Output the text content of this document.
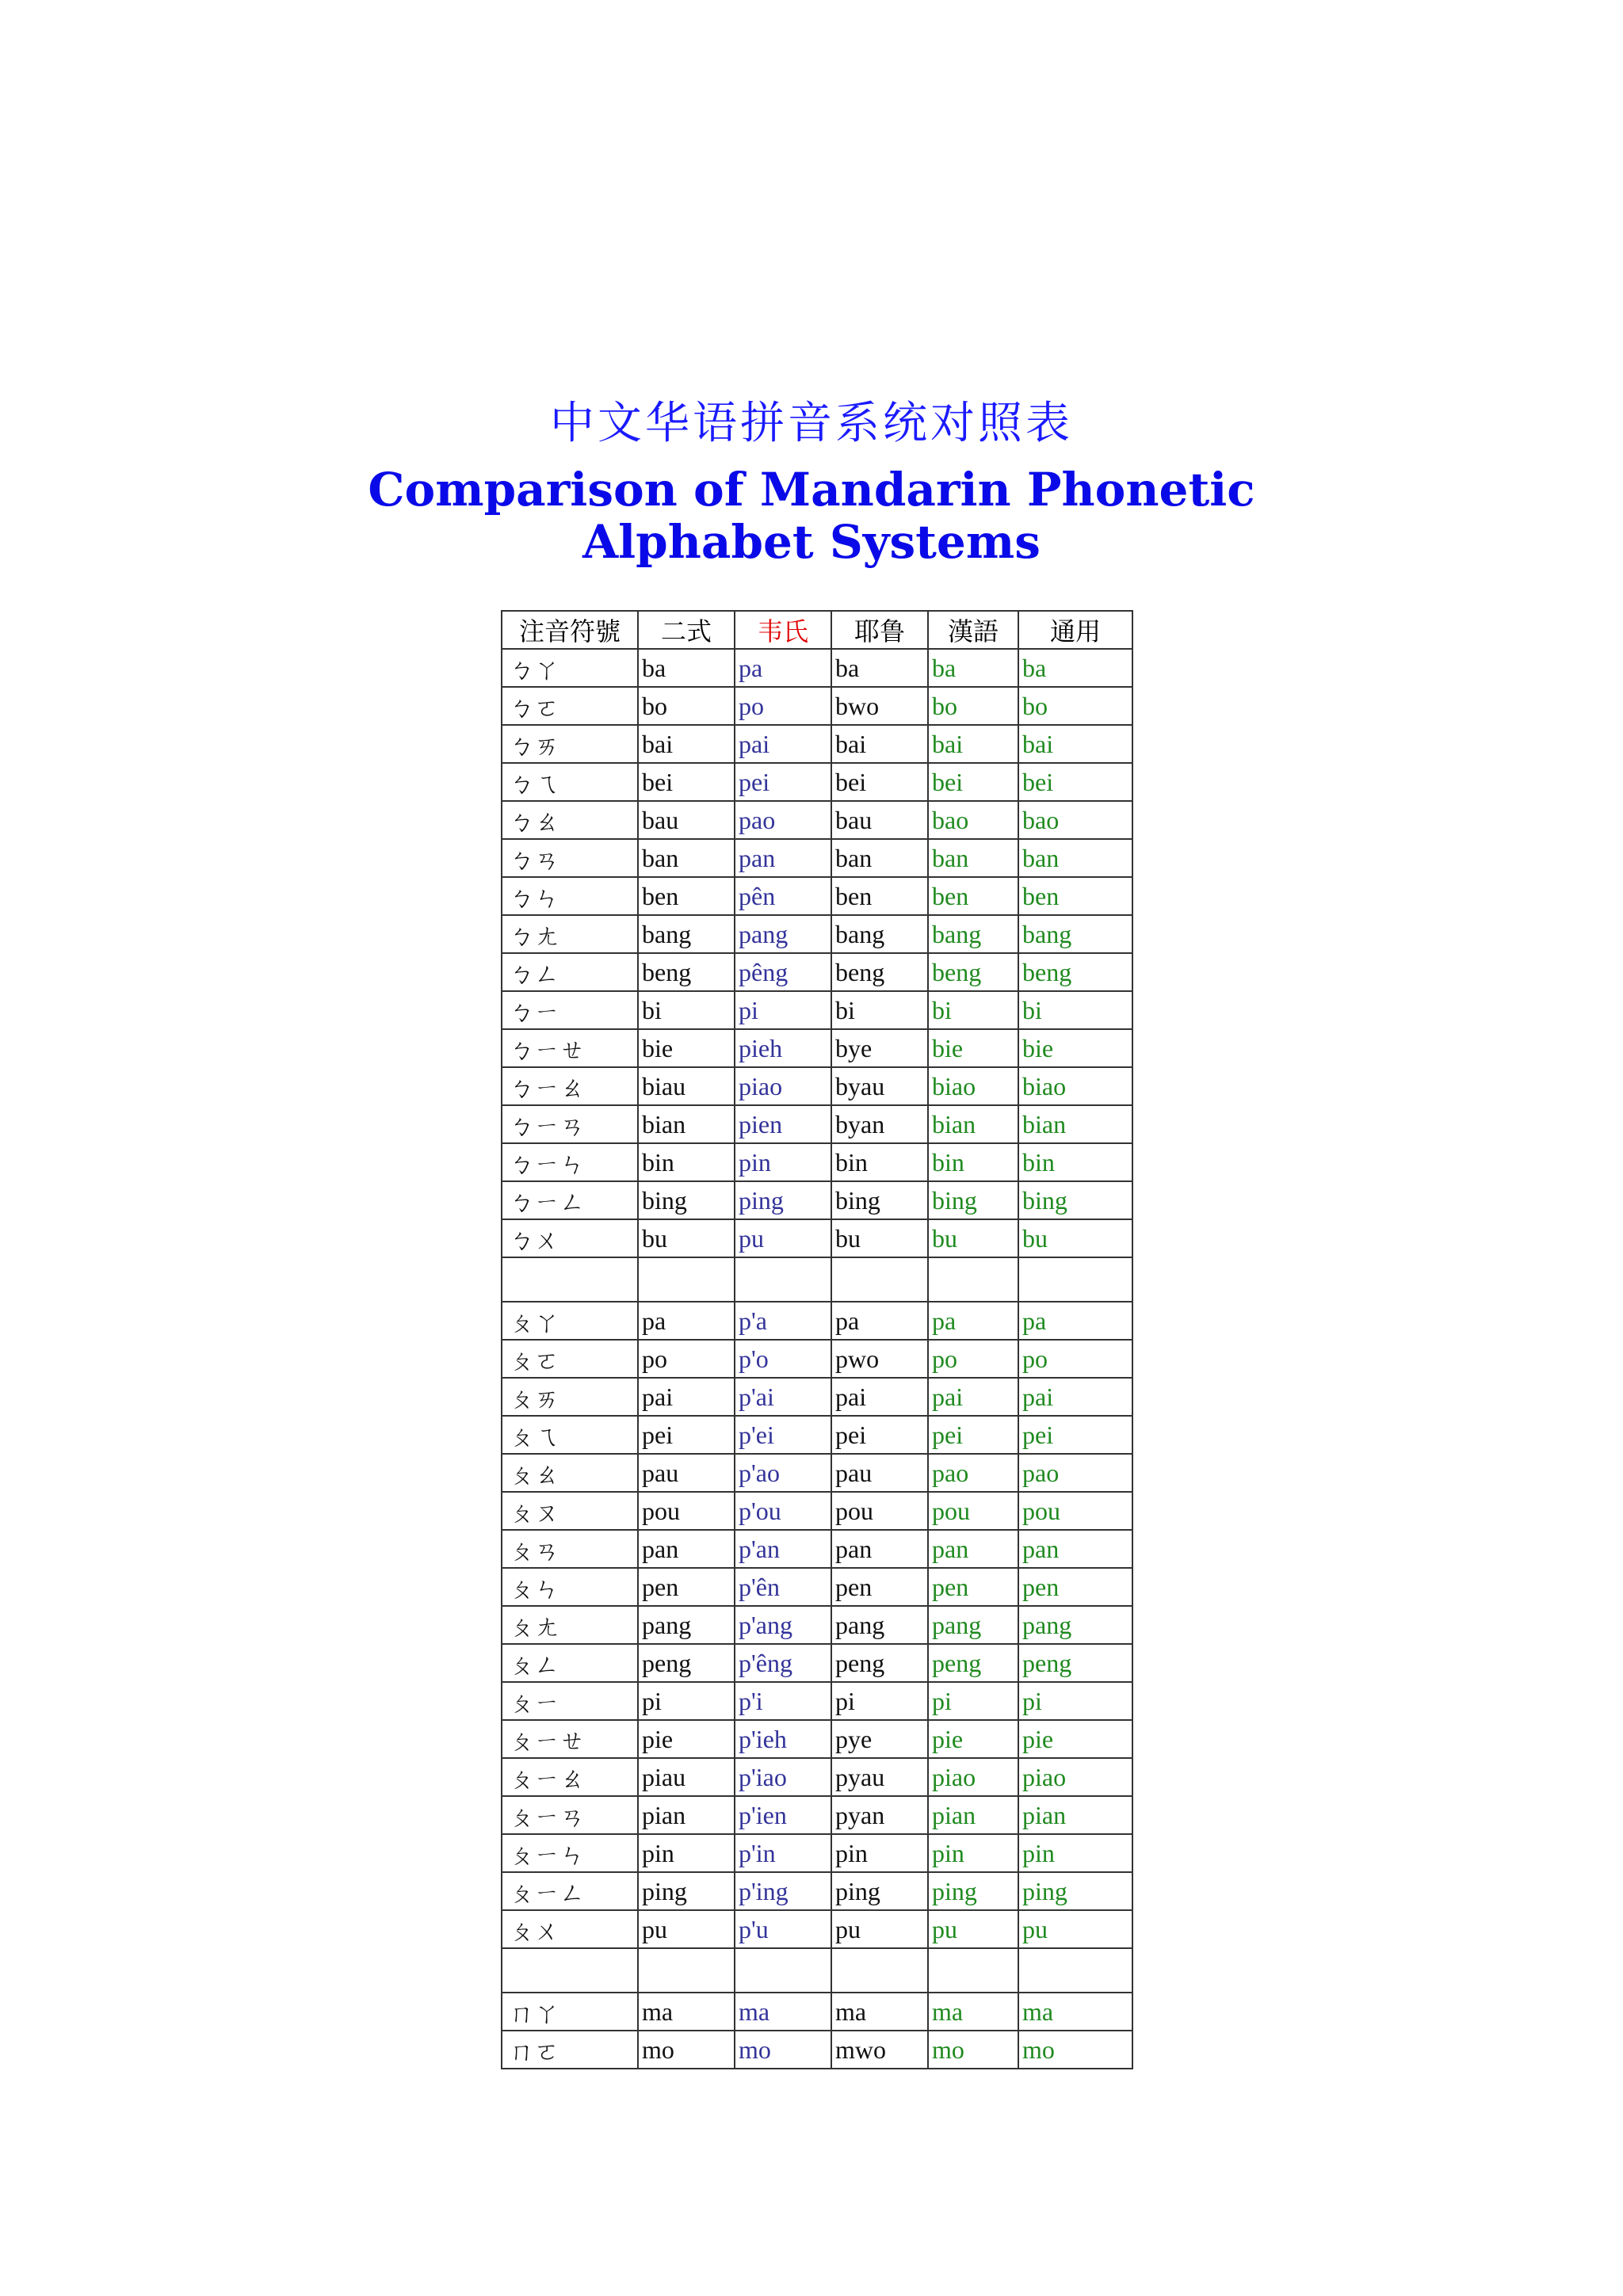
中文华语拼音系统对照表
Comparison of Mandarin Phonetic Alphabet Systems
注音符號	二式	韦氏	耶鲁	漢語	通用
ㄅㄚ	ba	pa	ba	ba	ba
ㄅㄛ	bo	po	bwo	bo	bo
ㄅㄞ	bai	pai	bai	bai	bai
ㄅㄟ	bei	pei	bei	bei	bei
ㄅㄠ	bau	pao	bau	bao	bao
ㄅㄢ	ban	pan	ban	ban	ban
ㄅㄣ	ben	pên	ben	ben	ben
ㄅㄤ	bang	pang	bang	bang	bang
ㄅㄥ	beng	pêng	beng	beng	beng
ㄅㄧ	bi	pi	bi	bi	bi
ㄅㄧㄝ	bie	pieh	bye	bie	bie
ㄅㄧㄠ	biau	piao	byau	biao	biao
ㄅㄧㄢ	bian	pien	byan	bian	bian
ㄅㄧㄣ	bin	pin	bin	bin	bin
ㄅㄧㄥ	bing	ping	bing	bing	bing
ㄅㄨ	bu	pu	bu	bu	bu

ㄆㄚ	pa	p'a	pa	pa	pa
ㄆㄛ	po	p'o	pwo	po	po
ㄆㄞ	pai	p'ai	pai	pai	pai
ㄆㄟ	pei	p'ei	pei	pei	pei
ㄆㄠ	pau	p'ao	pau	pao	pao
ㄆㄡ	pou	p'ou	pou	pou	pou
ㄆㄢ	pan	p'an	pan	pan	pan
ㄆㄣ	pen	p'ên	pen	pen	pen
ㄆㄤ	pang	p'ang	pang	pang	pang
ㄆㄥ	peng	p'êng	peng	peng	peng
ㄆㄧ	pi	p'i	pi	pi	pi
ㄆㄧㄝ	pie	p'ieh	pye	pie	pie
ㄆㄧㄠ	piau	p'iao	pyau	piao	piao
ㄆㄧㄢ	pian	p'ien	pyan	pian	pian
ㄆㄧㄣ	pin	p'in	pin	pin	pin
ㄆㄧㄥ	ping	p'ing	ping	ping	ping
ㄆㄨ	pu	p'u	pu	pu	pu

ㄇㄚ	ma	ma	ma	ma	ma
ㄇㄛ	mo	mo	mwo	mo	mo
